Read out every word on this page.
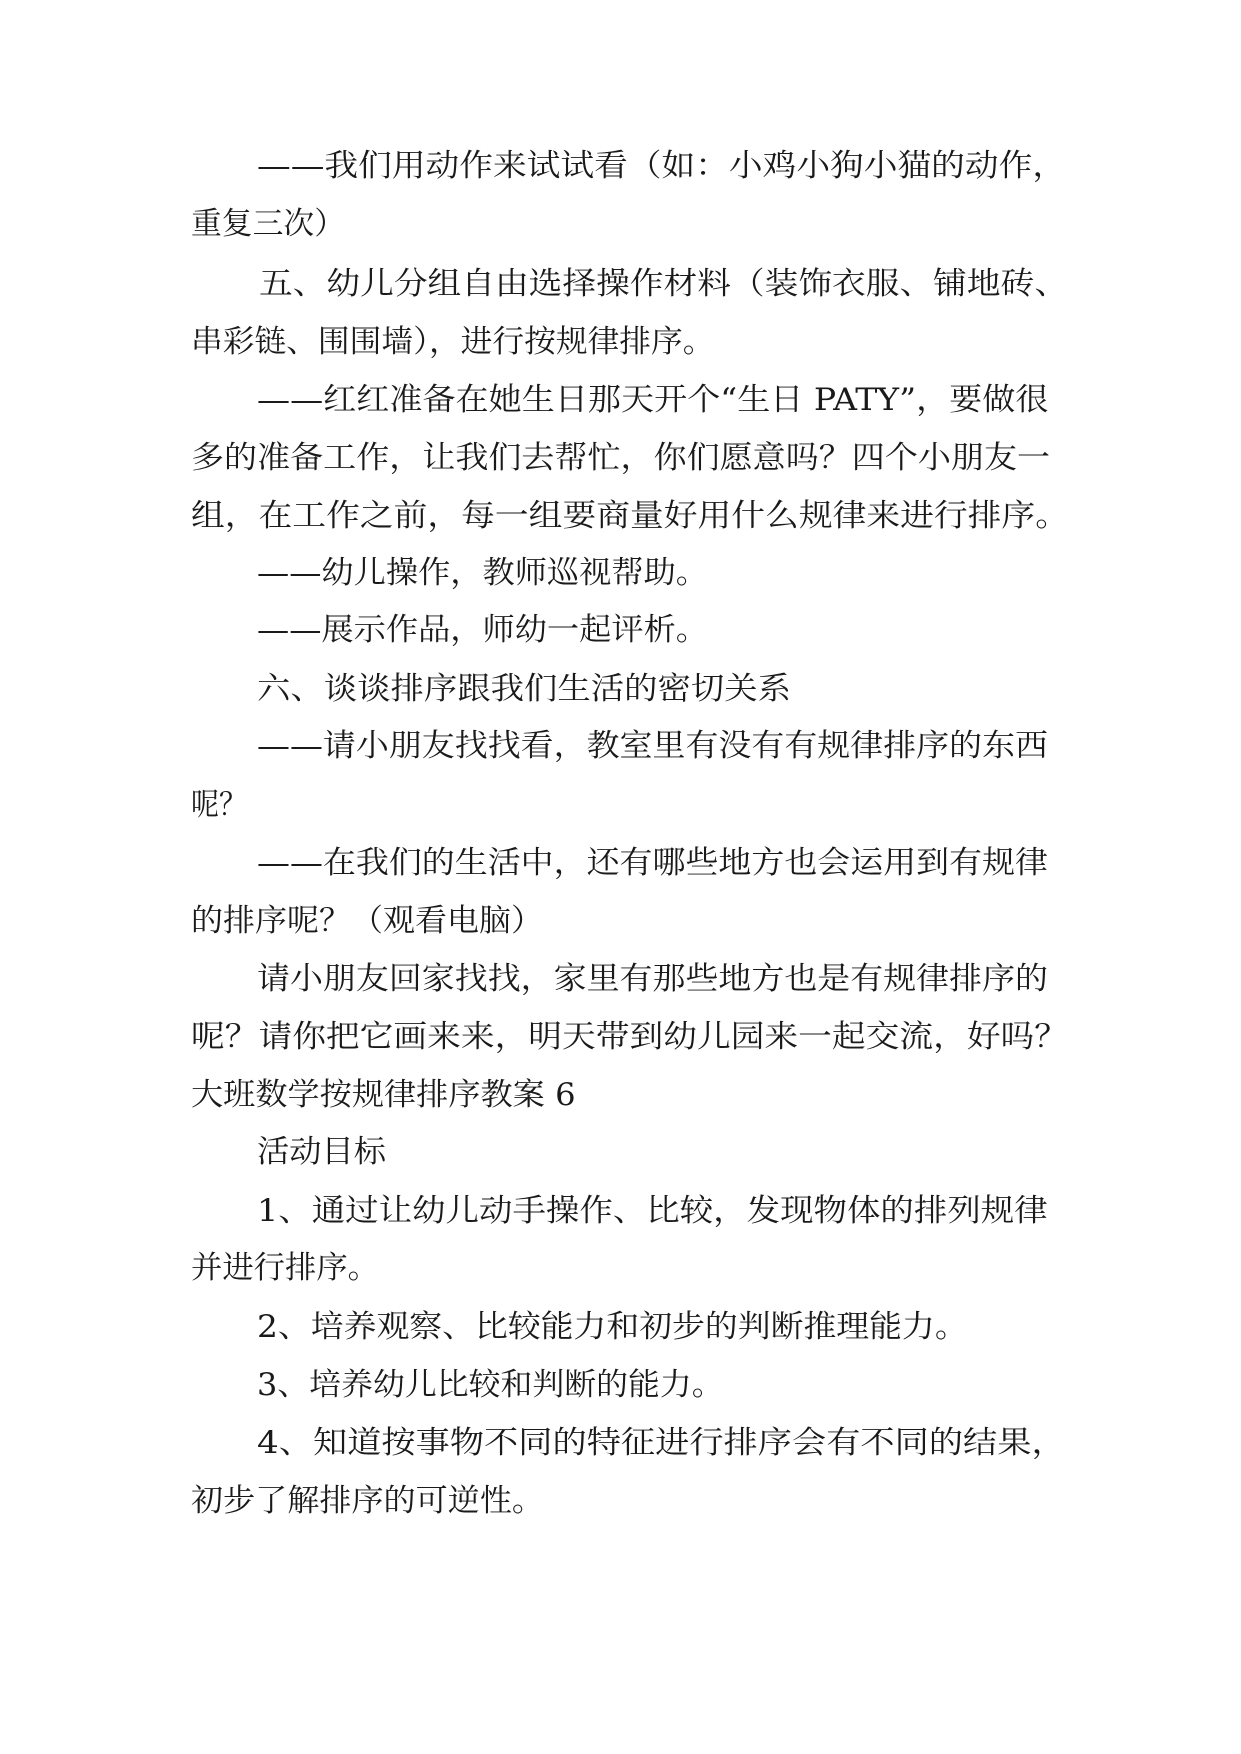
——我们用动作来试试看（如：小鸡小狗小猫的动作，
重复三次）
五、幼儿分组自由选择操作材料（装饰衣服、铺地砖、
串彩链、围围墙），进行按规律排序。
——红红准备在她生日那天开个“生日 PATY”，要做很
多的准备工作，让我们去帮忙，你们愿意吗？四个小朋友一
组，在工作之前，每一组要商量好用什么规律来进行排序。
——幼儿操作，教师巡视帮助。
——展示作品，师幼一起评析。
六、谈谈排序跟我们生活的密切关系
——请小朋友找找看，教室里有没有有规律排序的东西
呢？
——在我们的生活中，还有哪些地方也会运用到有规律
的排序呢？（观看电脑）
请小朋友回家找找，家里有那些地方也是有规律排序的
呢？请你把它画来来，明天带到幼儿园来一起交流，好吗？
大班数学按规律排序教案 6
活动目标
1、通过让幼儿动手操作、比较，发现物体的排列规律
并进行排序。
2、培养观察、比较能力和初步的判断推理能力。
3、培养幼儿比较和判断的能力。
4、知道按事物不同的特征进行排序会有不同的结果，
初步了解排序的可逆性。
